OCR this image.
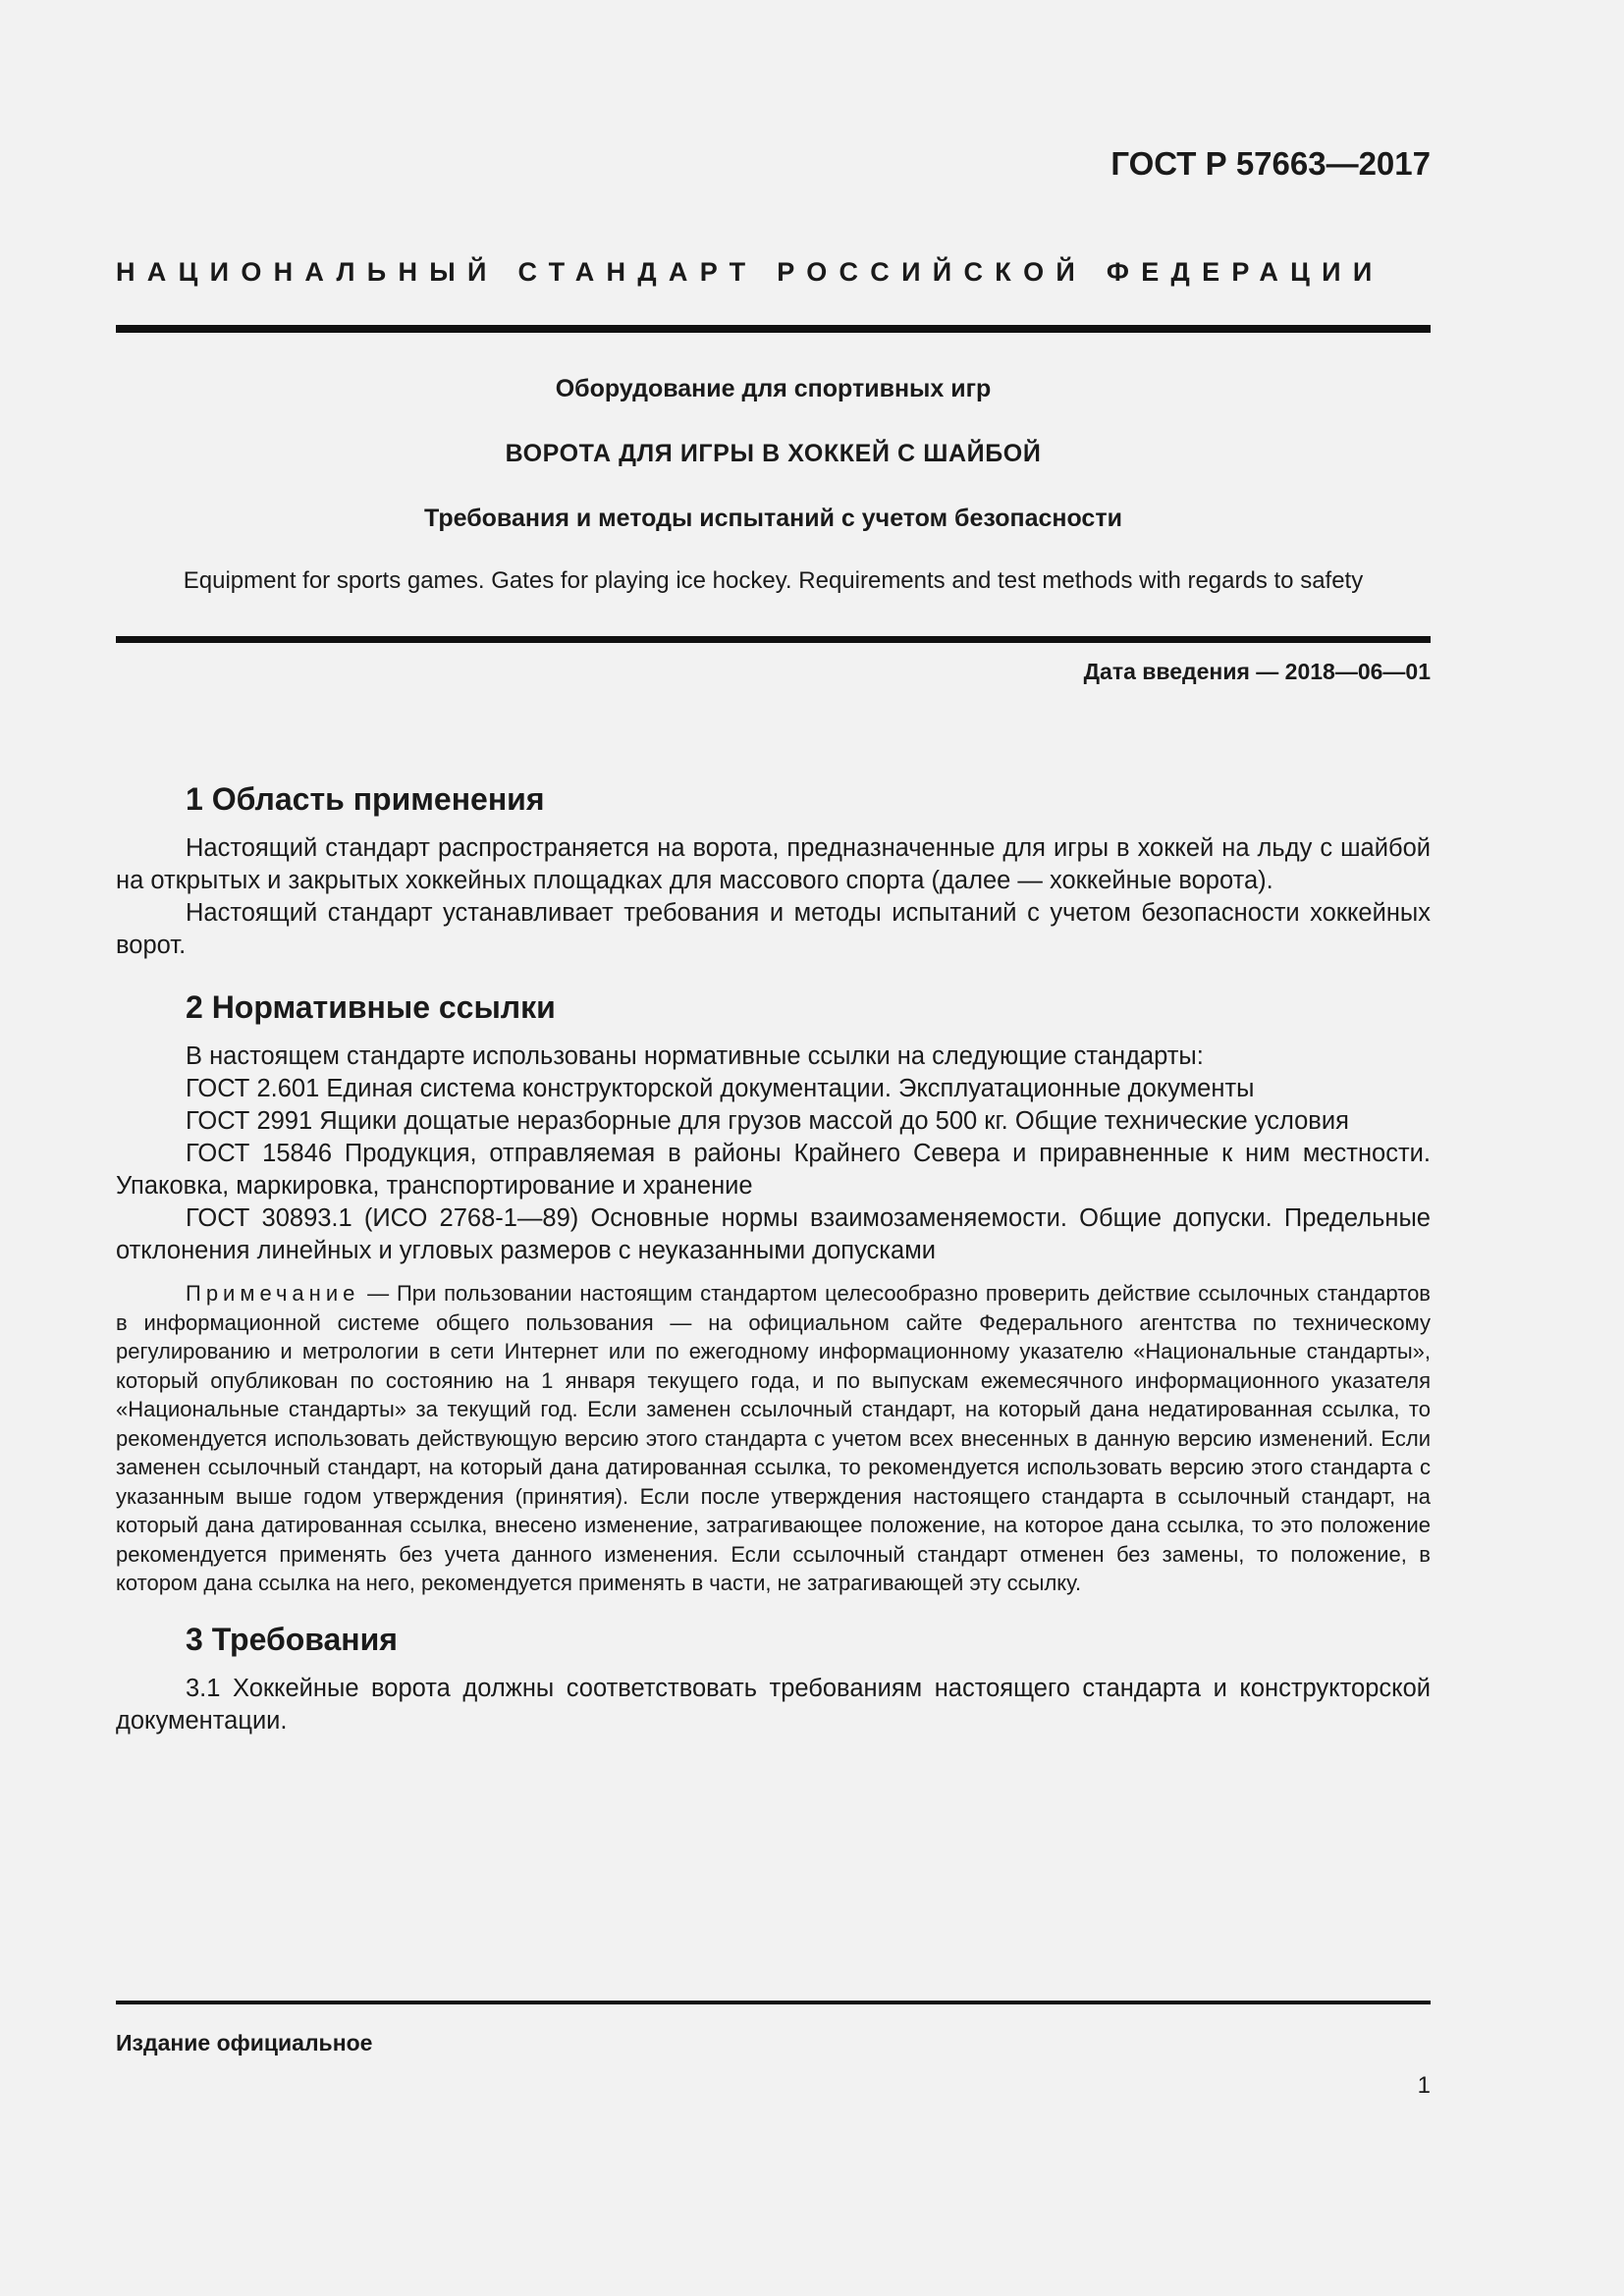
ГОСТ Р 57663—2017
НАЦИОНАЛЬНЫЙ СТАНДАРТ РОССИЙСКОЙ ФЕДЕРАЦИИ
Оборудование для спортивных игр
ВОРОТА ДЛЯ ИГРЫ В ХОККЕЙ С ШАЙБОЙ
Требования и методы испытаний с учетом безопасности
Equipment for sports games. Gates for playing ice hockey. Requirements and test methods with regards to safety
Дата введения — 2018—06—01
1 Область применения

Настоящий стандарт распространяется на ворота, предназначенные для игры в хоккей на льду с шайбой на открытых и закрытых хоккейных площадках для массового спорта (далее — хоккейные ворота).

Настоящий стандарт устанавливает требования и методы испытаний с учетом безопасности хоккейных ворот.

2 Нормативные ссылки

В настоящем стандарте использованы нормативные ссылки на следующие стандарты:

ГОСТ 2.601 Единая система конструкторской документации. Эксплуатационные документы

ГОСТ 2991 Ящики дощатые неразборные для грузов массой до 500 кг. Общие технические условия

ГОСТ 15846 Продукция, отправляемая в районы Крайнего Севера и приравненные к ним местности. Упаковка, маркировка, транспортирование и хранение

ГОСТ 30893.1 (ИСО 2768-1—89) Основные нормы взаимозаменяемости. Общие допуски. Предельные отклонения линейных и угловых размеров с неуказанными допусками

Примечание — При пользовании настоящим стандартом целесообразно проверить действие ссылочных стандартов в информационной системе общего пользования — на официальном сайте Федерального агентства по техническому регулированию и метрологии в сети Интернет или по ежегодному информационному указателю «Национальные стандарты», который опубликован по состоянию на 1 января текущего года, и по выпускам ежемесячного информационного указателя «Национальные стандарты» за текущий год. Если заменен ссылочный стандарт, на который дана недатированная ссылка, то рекомендуется использовать действующую версию этого стандарта с учетом всех внесенных в данную версию изменений. Если заменен ссылочный стандарт, на который дана датированная ссылка, то рекомендуется использовать версию этого стандарта с указанным выше годом утверждения (принятия). Если после утверждения настоящего стандарта в ссылочный стандарт, на который дана датированная ссылка, внесено изменение, затрагивающее положение, на которое дана ссылка, то это положение рекомендуется применять без учета данного изменения. Если ссылочный стандарт отменен без замены, то положение, в котором дана ссылка на него, рекомендуется применять в части, не затрагивающей эту ссылку.

3 Требования

3.1 Хоккейные ворота должны соответствовать требованиям настоящего стандарта и конструкторской документации.

Издание официальное
1
